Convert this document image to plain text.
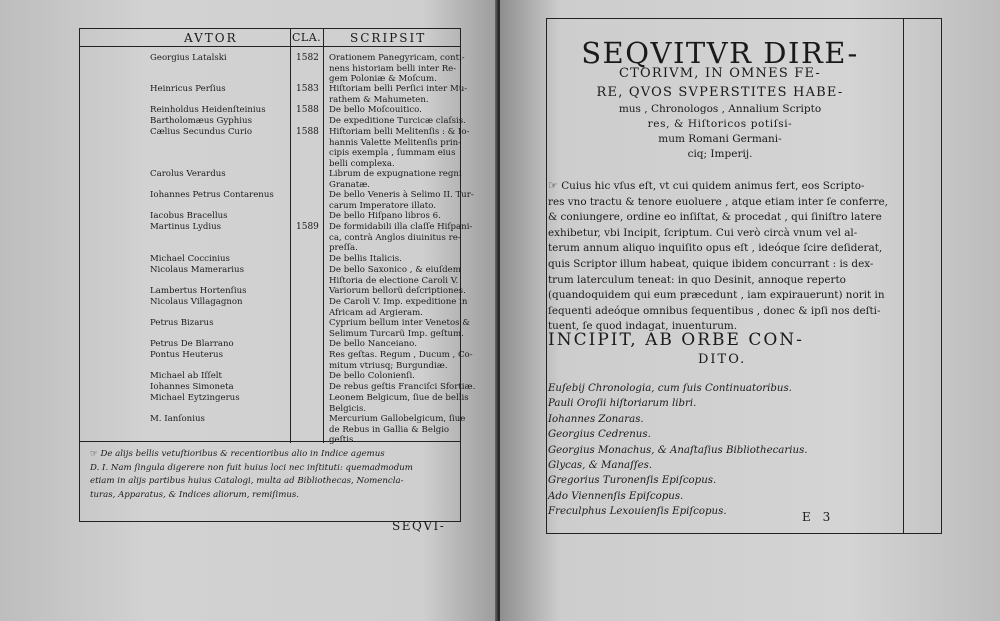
AVTOR	CLA. SCRIPSIT
Georgius Latalski	1582 Orationem Panegyricam, conti-
nens historiam belli inter Re-
gem Poloniæ & Moſcum.
Heinricus Perſius	1583 Hiſtoriam belli Perſici inter Mu-
rathem & Mahumeten.
Reinholdus Heidenſteinius	1588 De bello Moſcouitico.
Bartholomæus Gyphius	De expeditione Turcicæ claſsis.
Cælius Secundus Curio	1588 Hiſtoriam belli Melitenſis : & Io-
hannis Valette Melitenſis prin-
cipis exempla , ſummam eius
belli complexa.
Carolus Verardus	Librum de expugnatione regni
Granatæ.
Iohannes Petrus Contarenus	De bello Veneris à Selimo II. Tur-
carum Imperatore illato.
Iacobus Bracellus	De bello Hiſpano libros 6.
Martinus Lydius	1589 De formidabili illa claſſe Hiſpani-
ca, contrà Anglos diuinitus re-
preſſa.
Michael Coccinius	De bellis Italicis.
Nicolaus Mamerarius	De bello Saxonico , & eiuſdem
Hiſtoria de electione Caroli V.
Lambertus Hortenſius	Variorum bellorũ deſcriptiones.
Nicolaus Villagagnon	De Caroli V. Imp. expeditione in
Africam ad Argieram.
Petrus Bizarus	Cyprium bellum inter Venetos &
Selimum Turcarũ Imp. geſtum.
Petrus De Blarrano	De bello Nanceiano.
Pontus Heuterus	Res geſtas. Regum , Ducum , Co-
mitum vtriusq; Burgundiæ.
Michael ab Iſſelt	De bello Colonienſi.
Iohannes Simoneta	De rebus geſtis Franciſci Sfortiæ.
Michael Eytzingerus	Leonem Belgicum, ſiue de bellis
Belgicis.
M. Ianſonius	Mercurium Gallobelgicum, ſiue
de Rebus in Gallia & Belgio
geſtis.

☞ De alijs bellis vetuſtioribus & recentioribus alio in Indice agemus
D. I. Nam ſingula digerere non fuit huius loci nec inſtituti: quemadmodum
etiam in alijs partibus huius Catalogi, multa ad Bibliothecas, Nomencla-
turas, Apparatus, & Indices aliorum, remiſimus.

SEQVI-
SEQVITVR DIRE-
CTORIVM, IN OMNES FE-
RE, QVOS SVPERSTITES HABE-
mus , Chronologos , Annalium Scripto
res, & Hiſtoricos potiſsi-
mum Romani Germani-
ciq; Imperij.
☞ Cuius hic vſus eſt, vt cui quidem animus fert, eos Scripto-
res vno tractu & tenore euoluere , atque etiam inter ſe conferre,
& coniungere, ordine eo inſiſtat, & procedat , qui ſiniſtro latere
exhibetur, vbi Incipit, ſcriptum. Cui verò circà vnum vel al-
terum annum aliquo inquiſito opus eſt , ideóque ſcire deſiderat,
quis Scriptor illum habeat, quique ibidem concurrant : is dex-
trum laterculum teneat: in quo Desinit, annoque reperto
(quandoquidem qui eum præcedunt , iam expirauerunt) norit in
ſequenti adeóque omnibus ſequentibus , donec & ipſi nos deſti-
tuent, ſe quod indagat, inuenturum.
INCIPIT, AB ORBE CON-
DITO.
Euſebij Chronologia, cum ſuis Continuatoribus.
Pauli Oroſii hiſtoriarum libri.
Iohannes Zonaras.
Georgius Cedrenus.
Georgius Monachus, & Anaſtaſius Bibliothecarius.
Glycas, & Manaſſes.
Gregorius Turonenſis Epiſcopus.
Ado Viennenſis Epiſcopus.
Freculphus Lexouienſis Epiſcopus.	E 3
